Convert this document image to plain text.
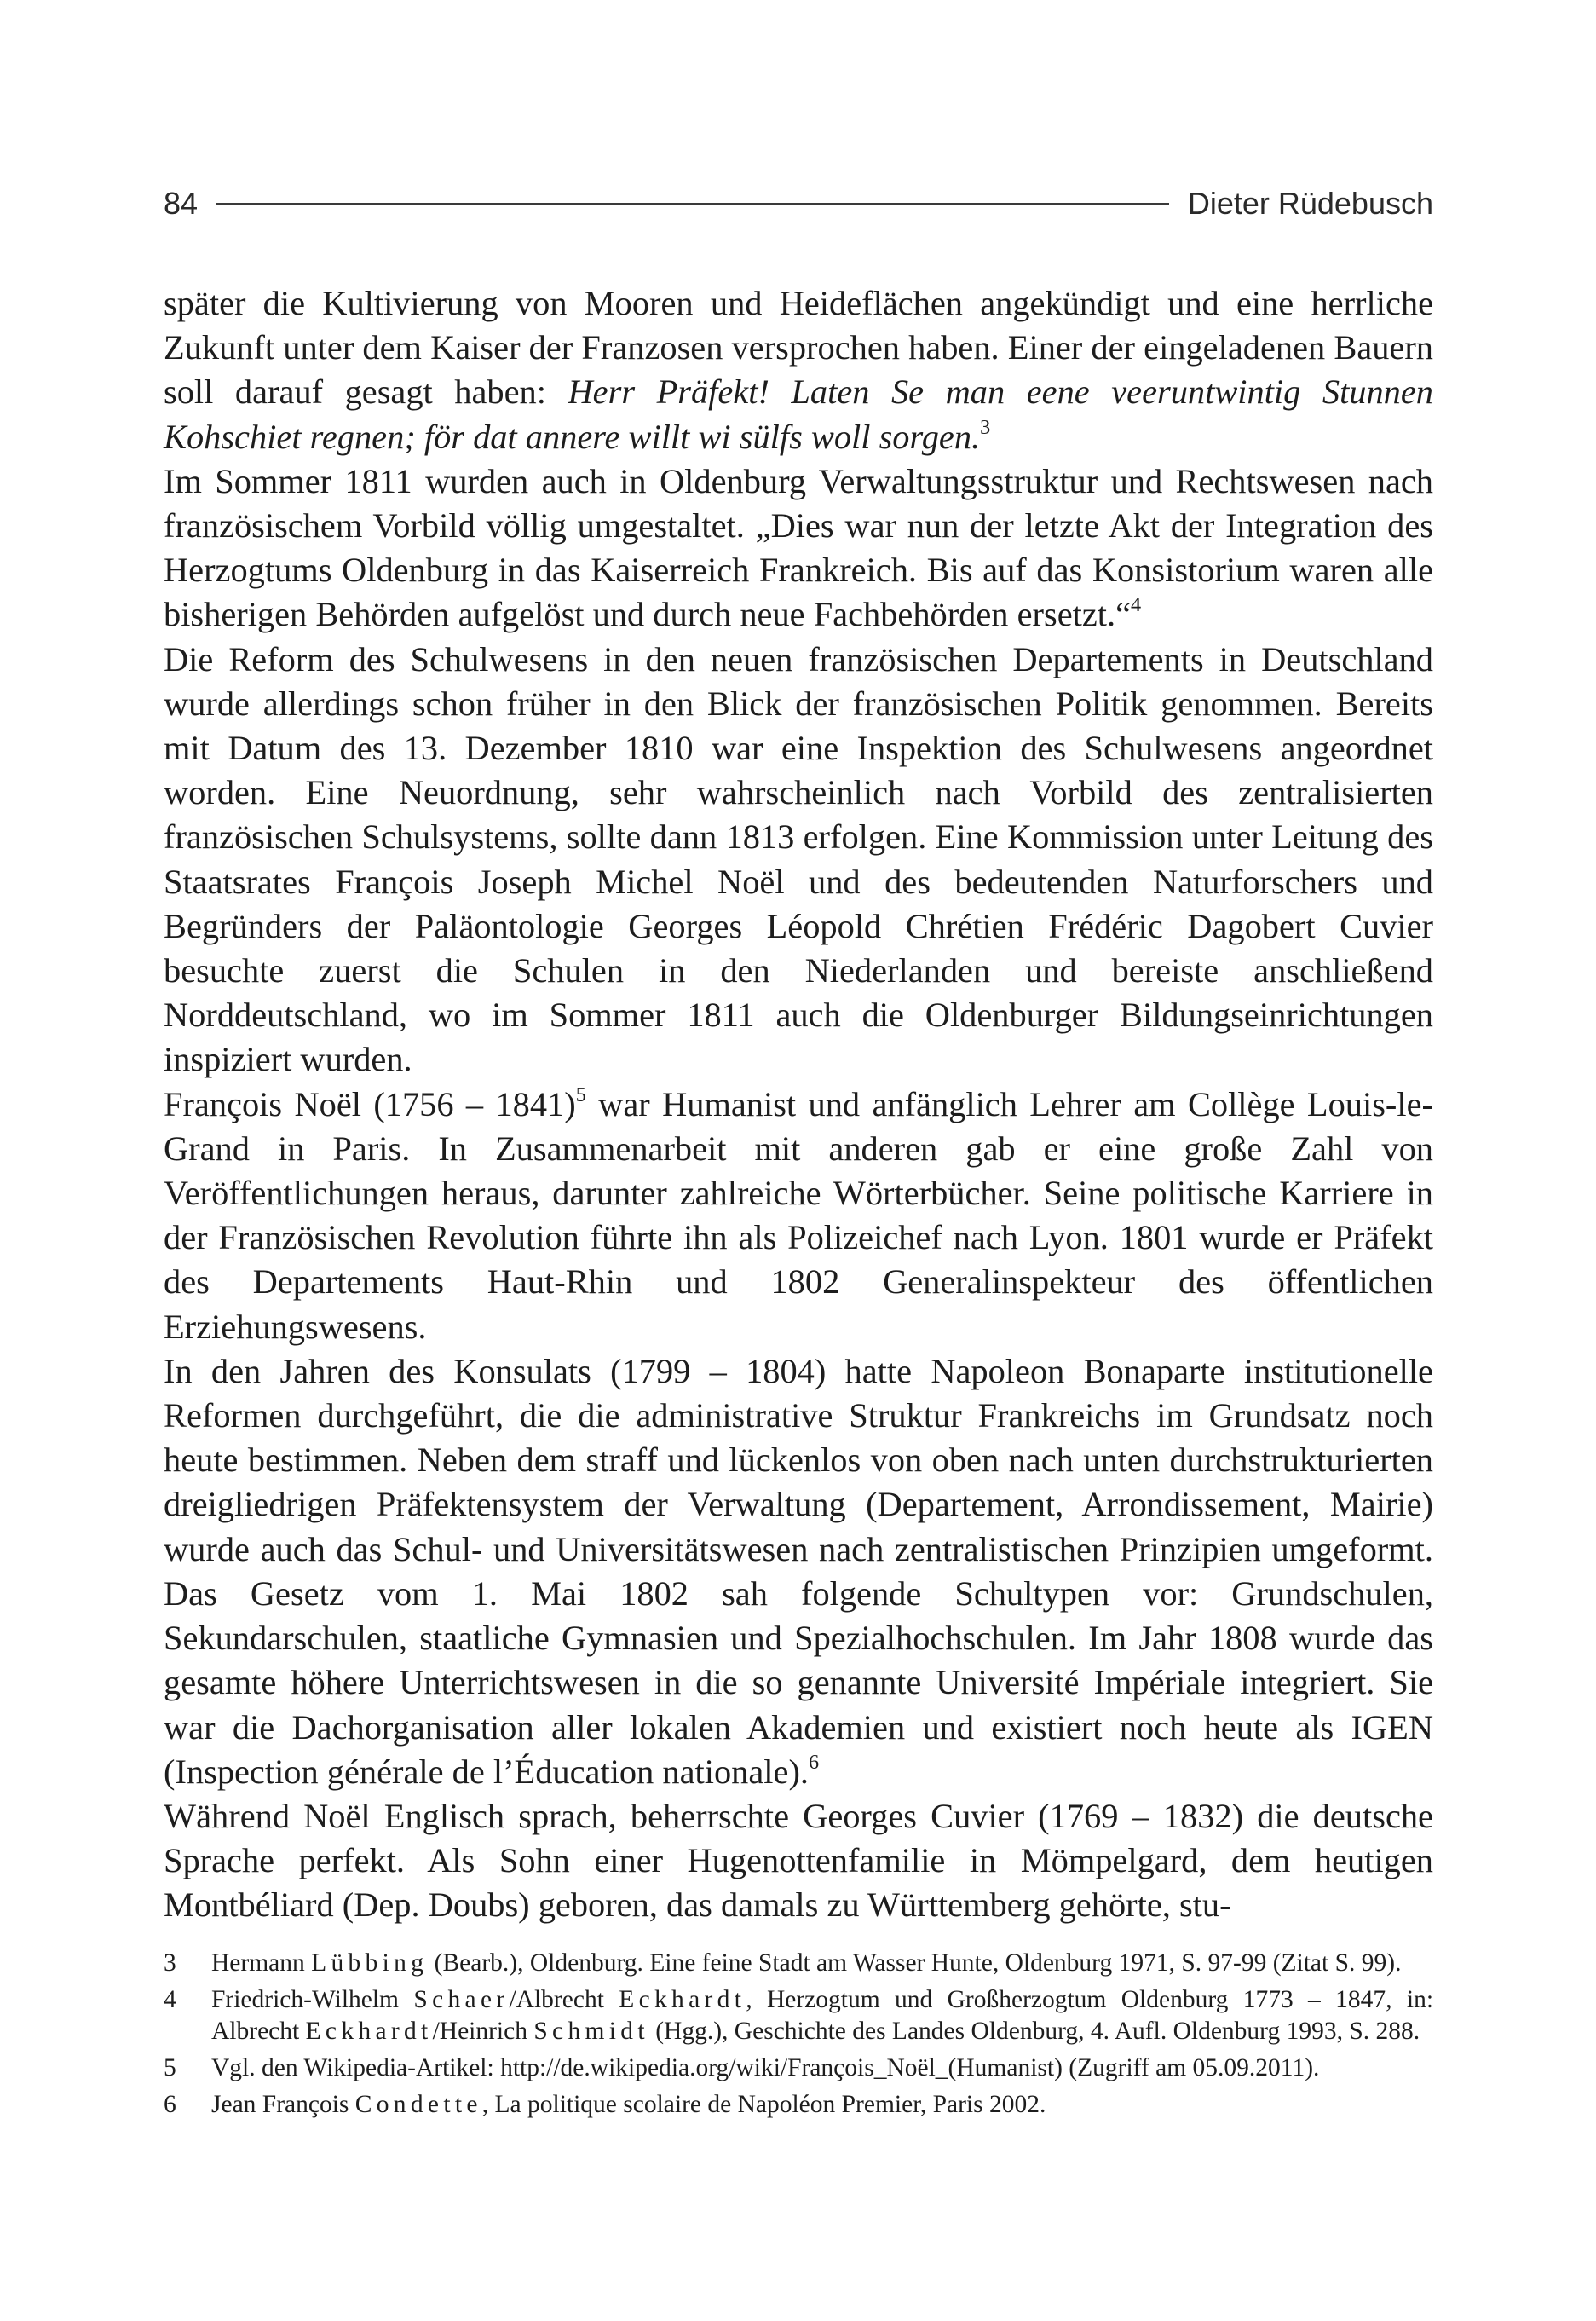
84	Dieter Rüdebusch

später die Kultivierung von Mooren und Heideflächen angekündigt und eine herrliche Zukunft unter dem Kaiser der Franzosen versprochen haben. Einer der eingeladenen Bauern soll darauf gesagt haben: Herr Präfekt! Laten Se man eene veeruntwintig Stunnen Kohschiet regnen; för dat annere willt wi sülfs woll sorgen.$^3$

Im Sommer 1811 wurden auch in Oldenburg Verwaltungsstruktur und Rechtswesen nach französischem Vorbild völlig umgestaltet. „Dies war nun der letzte Akt der Integration des Herzogtums Oldenburg in das Kaiserreich Frankreich. Bis auf das Konsistorium waren alle bisherigen Behörden aufgelöst und durch neue Fachbehörden ersetzt.“$^4$

Die Reform des Schulwesens in den neuen französischen Departements in Deutschland wurde allerdings schon früher in den Blick der französischen Politik genommen. Bereits mit Datum des 13. Dezember 1810 war eine Inspektion des Schulwesens angeordnet worden. Eine Neuordnung, sehr wahrscheinlich nach Vorbild des zentralisierten französischen Schulsystems, sollte dann 1813 erfolgen. Eine Kommission unter Leitung des Staatsrates François Joseph Michel Noël und des bedeutenden Naturforschers und Begründers der Paläontologie Georges Léopold Chrétien Frédéric Dagobert Cuvier besuchte zuerst die Schulen in den Niederlanden und bereiste anschließend Norddeutschland, wo im Sommer 1811 auch die Oldenburger Bildungseinrichtungen inspiziert wurden.

François Noël (1756 – 1841)$^5$ war Humanist und anfänglich Lehrer am Collège Louis-le-Grand in Paris. In Zusammenarbeit mit anderen gab er eine große Zahl von Veröffentlichungen heraus, darunter zahlreiche Wörterbücher. Seine politische Karriere in der Französischen Revolution führte ihn als Polizeichef nach Lyon. 1801 wurde er Präfekt des Departements Haut-Rhin und 1802 Generalinspekteur des öffentlichen Erziehungswesens.

In den Jahren des Konsulats (1799 – 1804) hatte Napoleon Bonaparte institutionelle Reformen durchgeführt, die die administrative Struktur Frankreichs im Grundsatz noch heute bestimmen. Neben dem straff und lückenlos von oben nach unten durchstrukturierten dreigliedrigen Präfektensystem der Verwaltung (Departement, Arrondissement, Mairie) wurde auch das Schul- und Universitätswesen nach zentralistischen Prinzipien umgeformt. Das Gesetz vom 1. Mai 1802 sah folgende Schultypen vor: Grundschulen, Sekundarschulen, staatliche Gymnasien und Spezialhochschulen. Im Jahr 1808 wurde das gesamte höhere Unterrichtswesen in die so genannte Université Impériale integriert. Sie war die Dachorganisation aller lokalen Akademien und existiert noch heute als IGEN (Inspection générale de l’Éducation nationale).$^6$

Während Noël Englisch sprach, beherrschte Georges Cuvier (1769 – 1832) die deutsche Sprache perfekt. Als Sohn einer Hugenottenfamilie in Mömpelgard, dem heutigen Montbéliard (Dep. Doubs) geboren, das damals zu Württemberg gehörte, stu-

3	Hermann Lübbing (Bearb.), Oldenburg. Eine feine Stadt am Wasser Hunte, Oldenburg 1971, S. 97-99 (Zitat S. 99).
4	Friedrich-Wilhelm Schaer/Albrecht Eckhardt, Herzogtum und Großherzogtum Oldenburg 1773 – 1847, in: Albrecht Eckhardt/Heinrich Schmidt (Hgg.), Geschichte des Landes Oldenburg, 4. Aufl. Oldenburg 1993, S. 288.
5	Vgl. den Wikipedia-Artikel: http://de.wikipedia.org/wiki/François_Noël_(Humanist) (Zugriff am 05.09.2011).
6	Jean François Condette, La politique scolaire de Napoléon Premier, Paris 2002.
